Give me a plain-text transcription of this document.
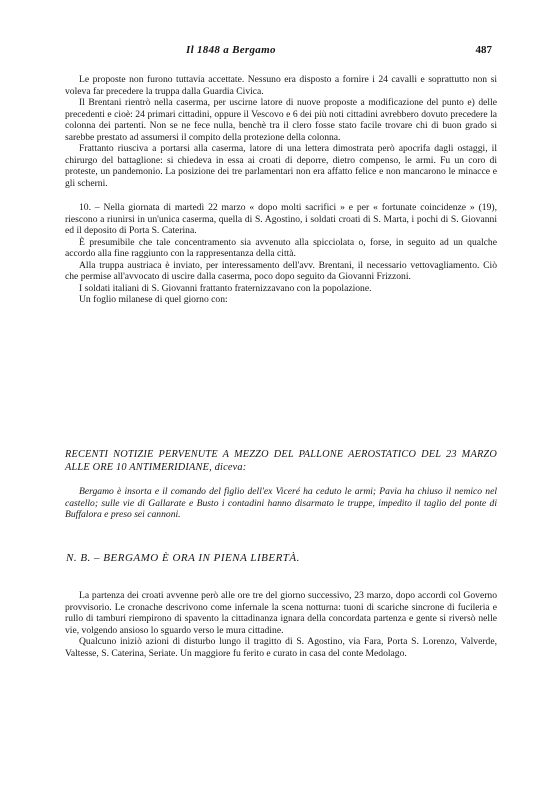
Il 1848 a Bergamo	487

Le proposte non furono tuttavia accettate. Nessuno era disposto a fornire i 24 cavalli e soprattutto non si voleva far precedere la truppa dalla Guardia Civica.

Il Brentani rientrò nella caserma, per uscirne latore di nuove proposte a modificazione del punto e) delle precedenti e cioè: 24 primari cittadini, oppure il Vescovo e 6 dei più noti cittadini avrebbero dovuto precedere la colonna dei partenti. Non se ne fece nulla, benchè tra il clero fosse stato facile trovare chi di buon grado si sarebbe prestato ad assumersi il compito della protezione della colonna.

Frattanto riusciva a portarsi alla caserma, latore di una lettera dimostrata però apocrifa dagli ostaggi, il chirurgo del battaglione: si chiedeva in essa ai croati di deporre, dietro compenso, le armi. Fu un coro di proteste, un pandemonio. La posizione dei tre parlamentari non era affatto felice e non mancarono le minacce e gli scherni.

10. – Nella giornata di martedì 22 marzo « dopo molti sacrifici » e per « fortunate coincidenze » (19), riescono a riunirsi in un'unica caserma, quella di S. Agostino, i soldati croati di S. Marta, i pochi di S. Giovanni ed il deposito di Porta S. Caterina.

È presumibile che tale concentramento sia avvenuto alla spicciolata o, forse, in seguito ad un qualche accordo alla fine raggiunto con la rappresentanza della città.

Alla truppa austriaca è inviato, per interessamento dell'avv. Brentani, il necessario vettovagliamento. Ciò che permise all'avvocato di uscire dalla caserma, poco dopo seguito da Giovanni Frizzoni.

I soldati italiani di S. Giovanni frattanto fraternizzavano con la popolazione.

Un foglio milanese di quel giorno con:

RECENTI NOTIZIE PERVENUTE A MEZZO DEL PALLONE AEROSTATICO DEL 23 MARZO ALLE ORE 10 ANTIMERIDIANE, diceva:

Bergamo è insorta e il comando del figlio dell'ex Viceré ha ceduto le armi; Pavia ha chiuso il nemico nel castello; sulle vie di Gallarate e Busto i contadini hanno disarmato le truppe, impedito il taglio del ponte di Buffalora e preso sei cannoni.

N. B. – BERGAMO È ORA IN PIENA LIBERTÀ.

La partenza dei croati avvenne però alle ore tre del giorno successivo, 23 marzo, dopo accordi col Governo provvisorio. Le cronache descrivono come infernale la scena notturna: tuoni di scariche sincrone di fucileria e rullo di tamburi riempirono di spavento la cittadinanza ignara della concordata partenza e gente si riversò nelle vie, volgendo ansioso lo sguardo verso le mura cittadine.

Qualcuno iniziò azioni di disturbo lungo il tragitto di S. Agostino, via Fara, Porta S. Lorenzo, Valverde, Valtesse, S. Caterina, Seriate. Un maggiore fu ferito e curato in casa del conte Medolago.
